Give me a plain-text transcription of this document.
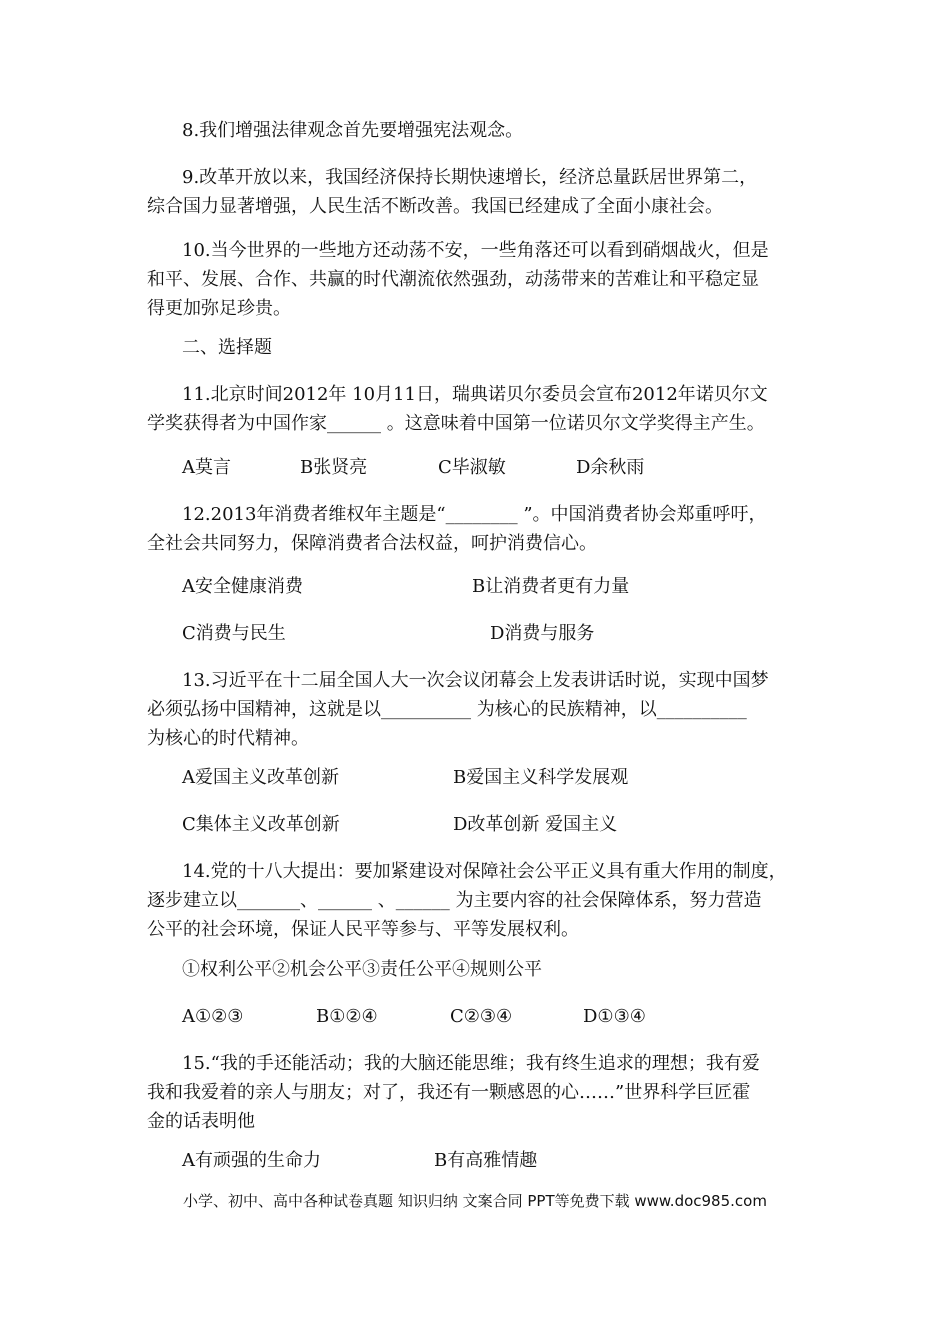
8.我们增强法律观念首先要增强宪法观念。
9.改革开放以来，我国经济保持长期快速增长，经济总量跃居世界第二，
综合国力显著增强，人民生活不断改善。我国已经建成了全面小康社会。
10.当今世界的一些地方还动荡不安，一些角落还可以看到硝烟战火，但是
和平、发展、合作、共赢的时代潮流依然强劲，动荡带来的苦难让和平稳定显
得更加弥足珍贵。
二、选择题
11.北京时间2012年 10月11日，瑞典诺贝尔委员会宣布2012年诺贝尔文
学奖获得者为中国作家______ 。这意味着中国第一位诺贝尔文学奖得主产生。
A莫言	B张贤亮	C毕淑敏	D余秋雨
12.2013年消费者维权年主题是“________ ”。中国消费者协会郑重呼吁，
全社会共同努力，保障消费者合法权益，呵护消费信心。
A安全健康消费	B让消费者更有力量
C消费与民生	D消费与服务
13.习近平在十二届全国人大一次会议闭幕会上发表讲话时说，实现中国梦
必须弘扬中国精神，这就是以__________ 为核心的民族精神，以__________
为核心的时代精神。
A爱国主义改革创新	B爱国主义科学发展观
C集体主义改革创新	D改革创新 爱国主义
14.党的十八大提出：要加紧建设对保障社会公平正义具有重大作用的制度，
逐步建立以_______、______ 、______ 为主要内容的社会保障体系，努力营造
公平的社会环境，保证人民平等参与、平等发展权利。
①权利公平②机会公平③责任公平④规则公平
A①②③	B①②④	C②③④	D①③④
15.“我的手还能活动；我的大脑还能思维；我有终生追求的理想；我有爱
我和我爱着的亲人与朋友；对了，我还有一颗感恩的心……”世界科学巨匠霍
金的话表明他
A有顽强的生命力	B有高雅情趣
小学、初中、高中各种试卷真题 知识归纳 文案合同 PPT等免费下载 www.doc985.com
